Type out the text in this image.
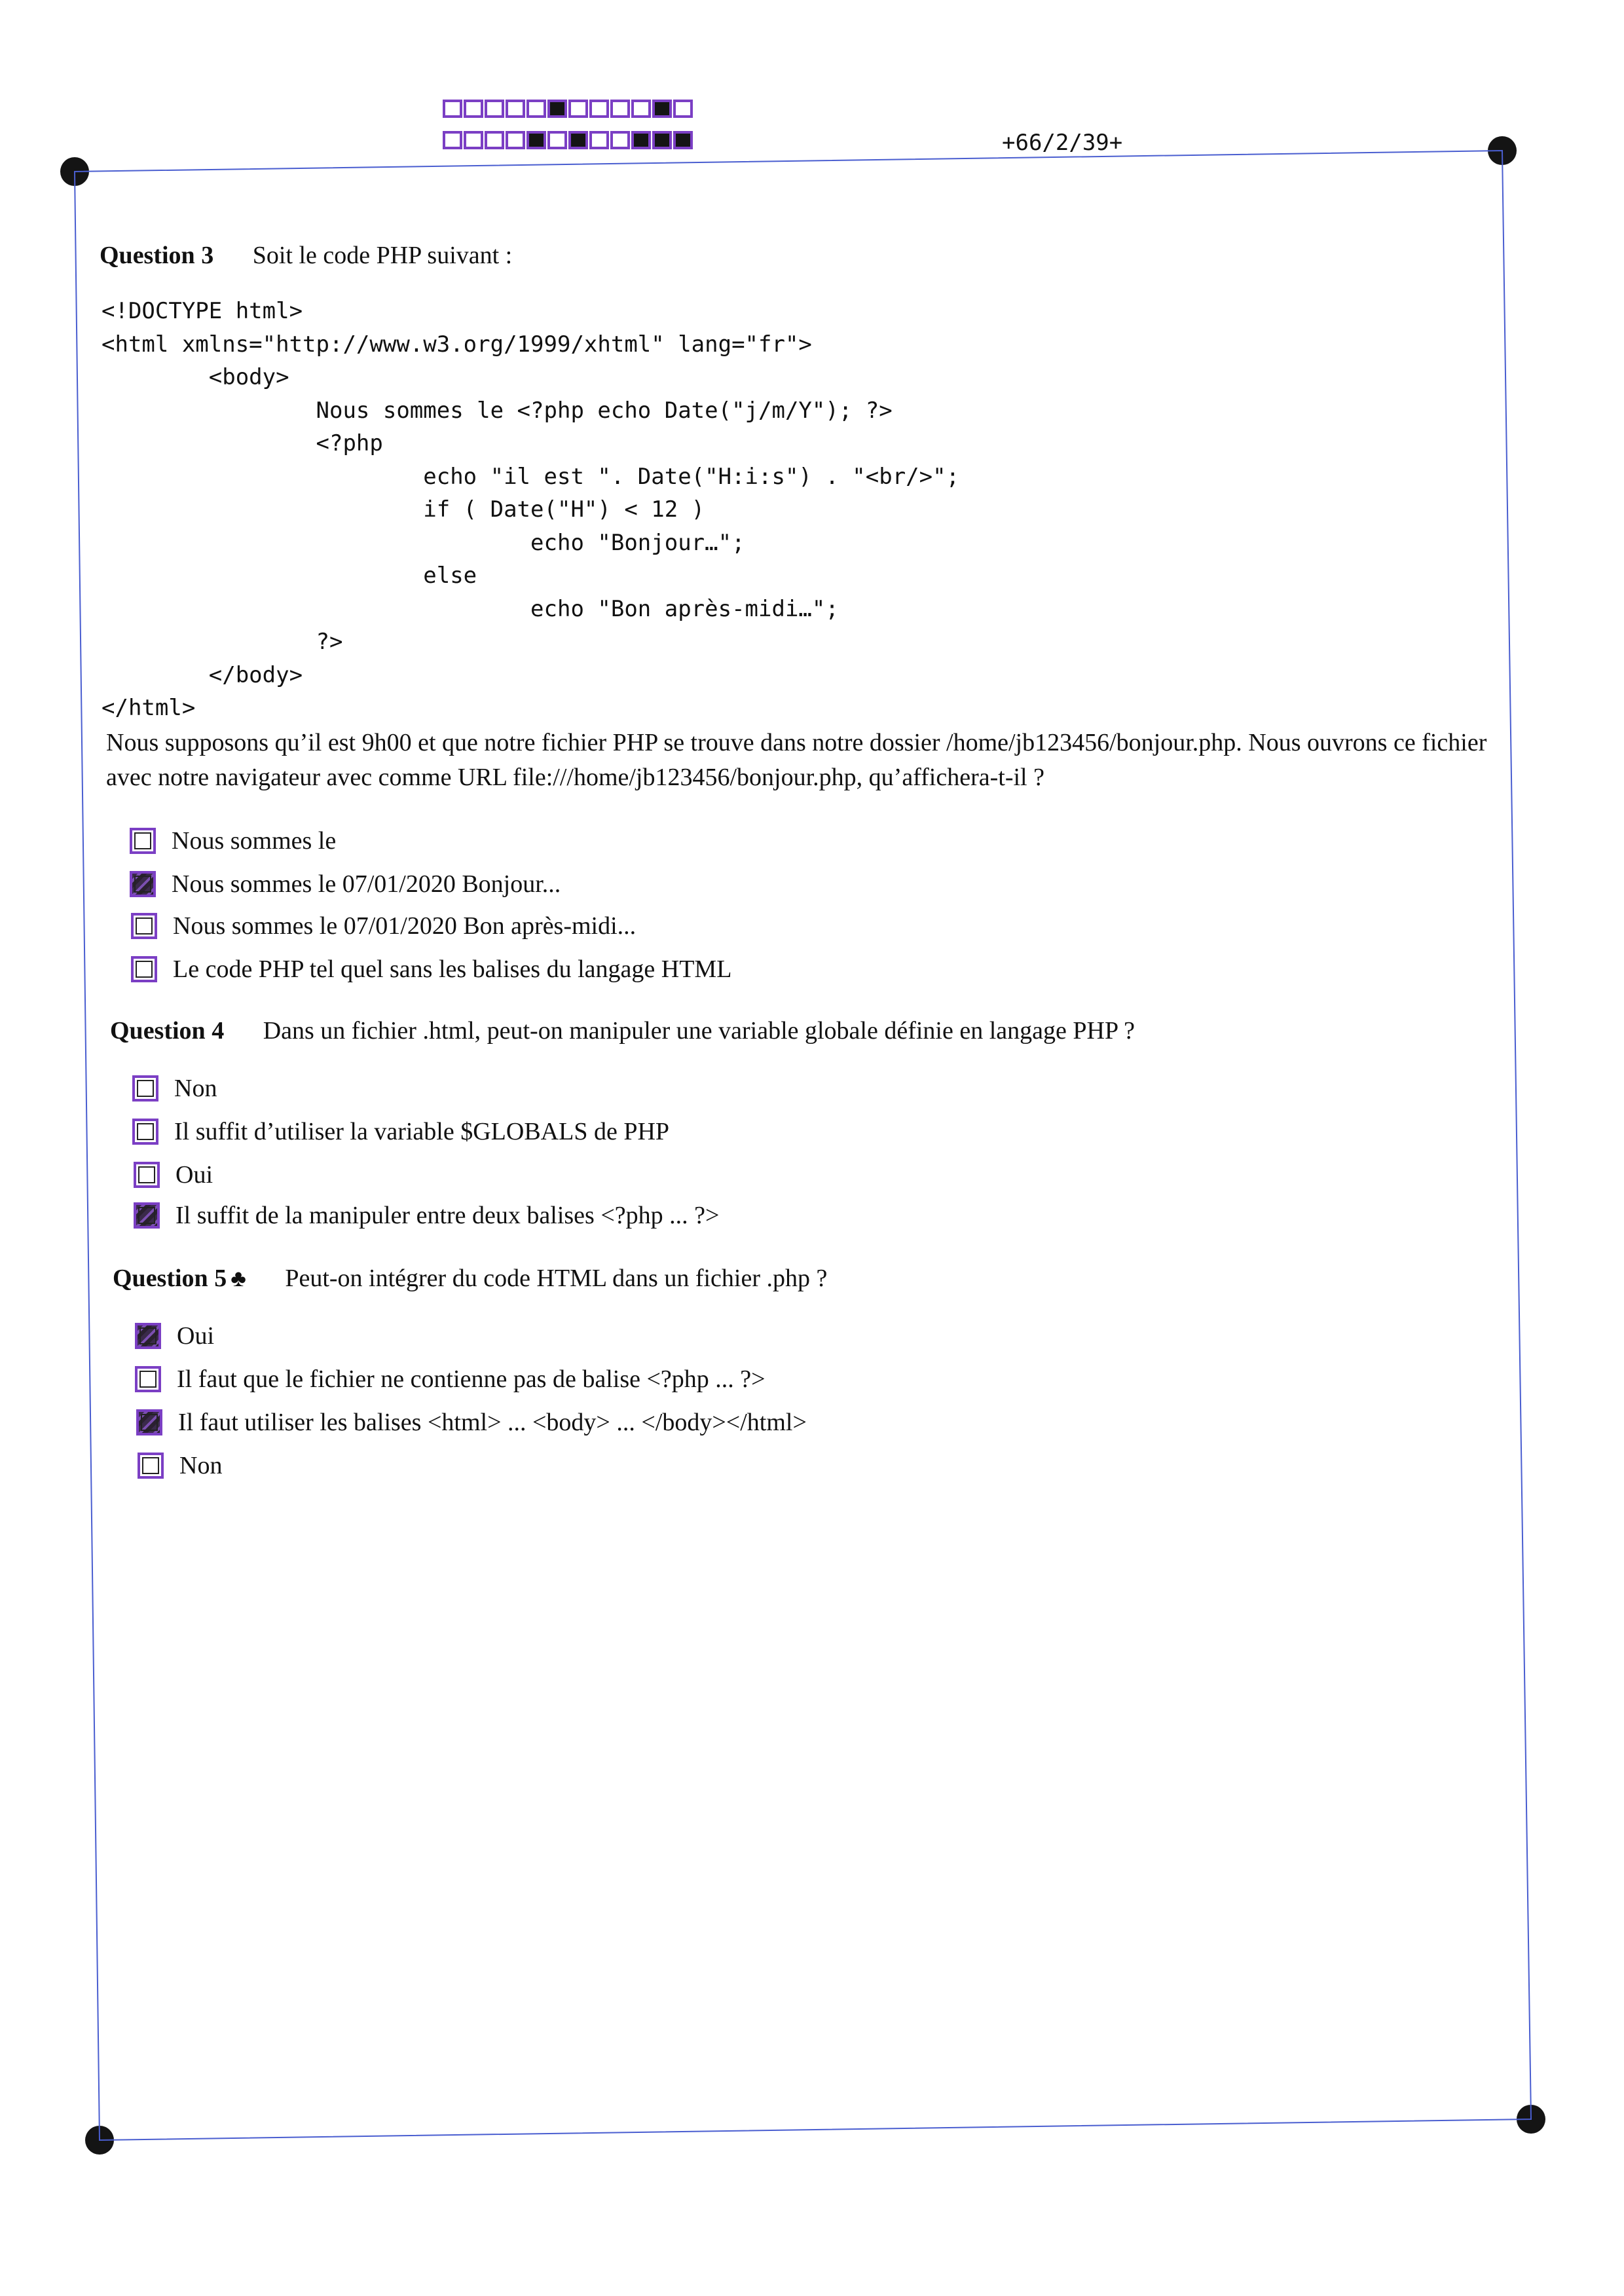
+66/2/39+
Question 3 Soit le code PHP suivant :
<!DOCTYPE html>
<html xmlns="http://www.w3.org/1999/xhtml" lang="fr">
<body>
Nous sommes le <?php echo Date("j/m/Y"); ?>
<?php
echo "il est ". Date("H:i:s") . "<br/>";
if ( Date("H") < 12 )
echo "Bonjour…";
else
echo "Bon après-midi…";
?>
</body>
</html>
Nous supposons qu’il est 9h00 et que notre fichier PHP se trouve dans notre dossier /home/jb123456/bonjour.php. Nous ouvrons ce fichier avec notre navigateur avec comme URL file:///home/jb123456/bonjour.php, qu’affichera-t-il ?
Nous sommes le
Nous sommes le 07/01/2020 Bonjour...
Nous sommes le 07/01/2020 Bon après-midi...
Le code PHP tel quel sans les balises du langage HTML
Question 4 Dans un fichier .html, peut-on manipuler une variable globale définie en langage PHP ?
Non
Il suffit d’utiliser la variable $GLOBALS de PHP
Oui
Il suffit de la manipuler entre deux balises <?php ... ?>
Question 5 ♣ Peut-on intégrer du code HTML dans un fichier .php ?
Oui
Il faut que le fichier ne contienne pas de balise <?php ... ?>
Il faut utiliser les balises <html> ... <body> ... </body></html>
Non
